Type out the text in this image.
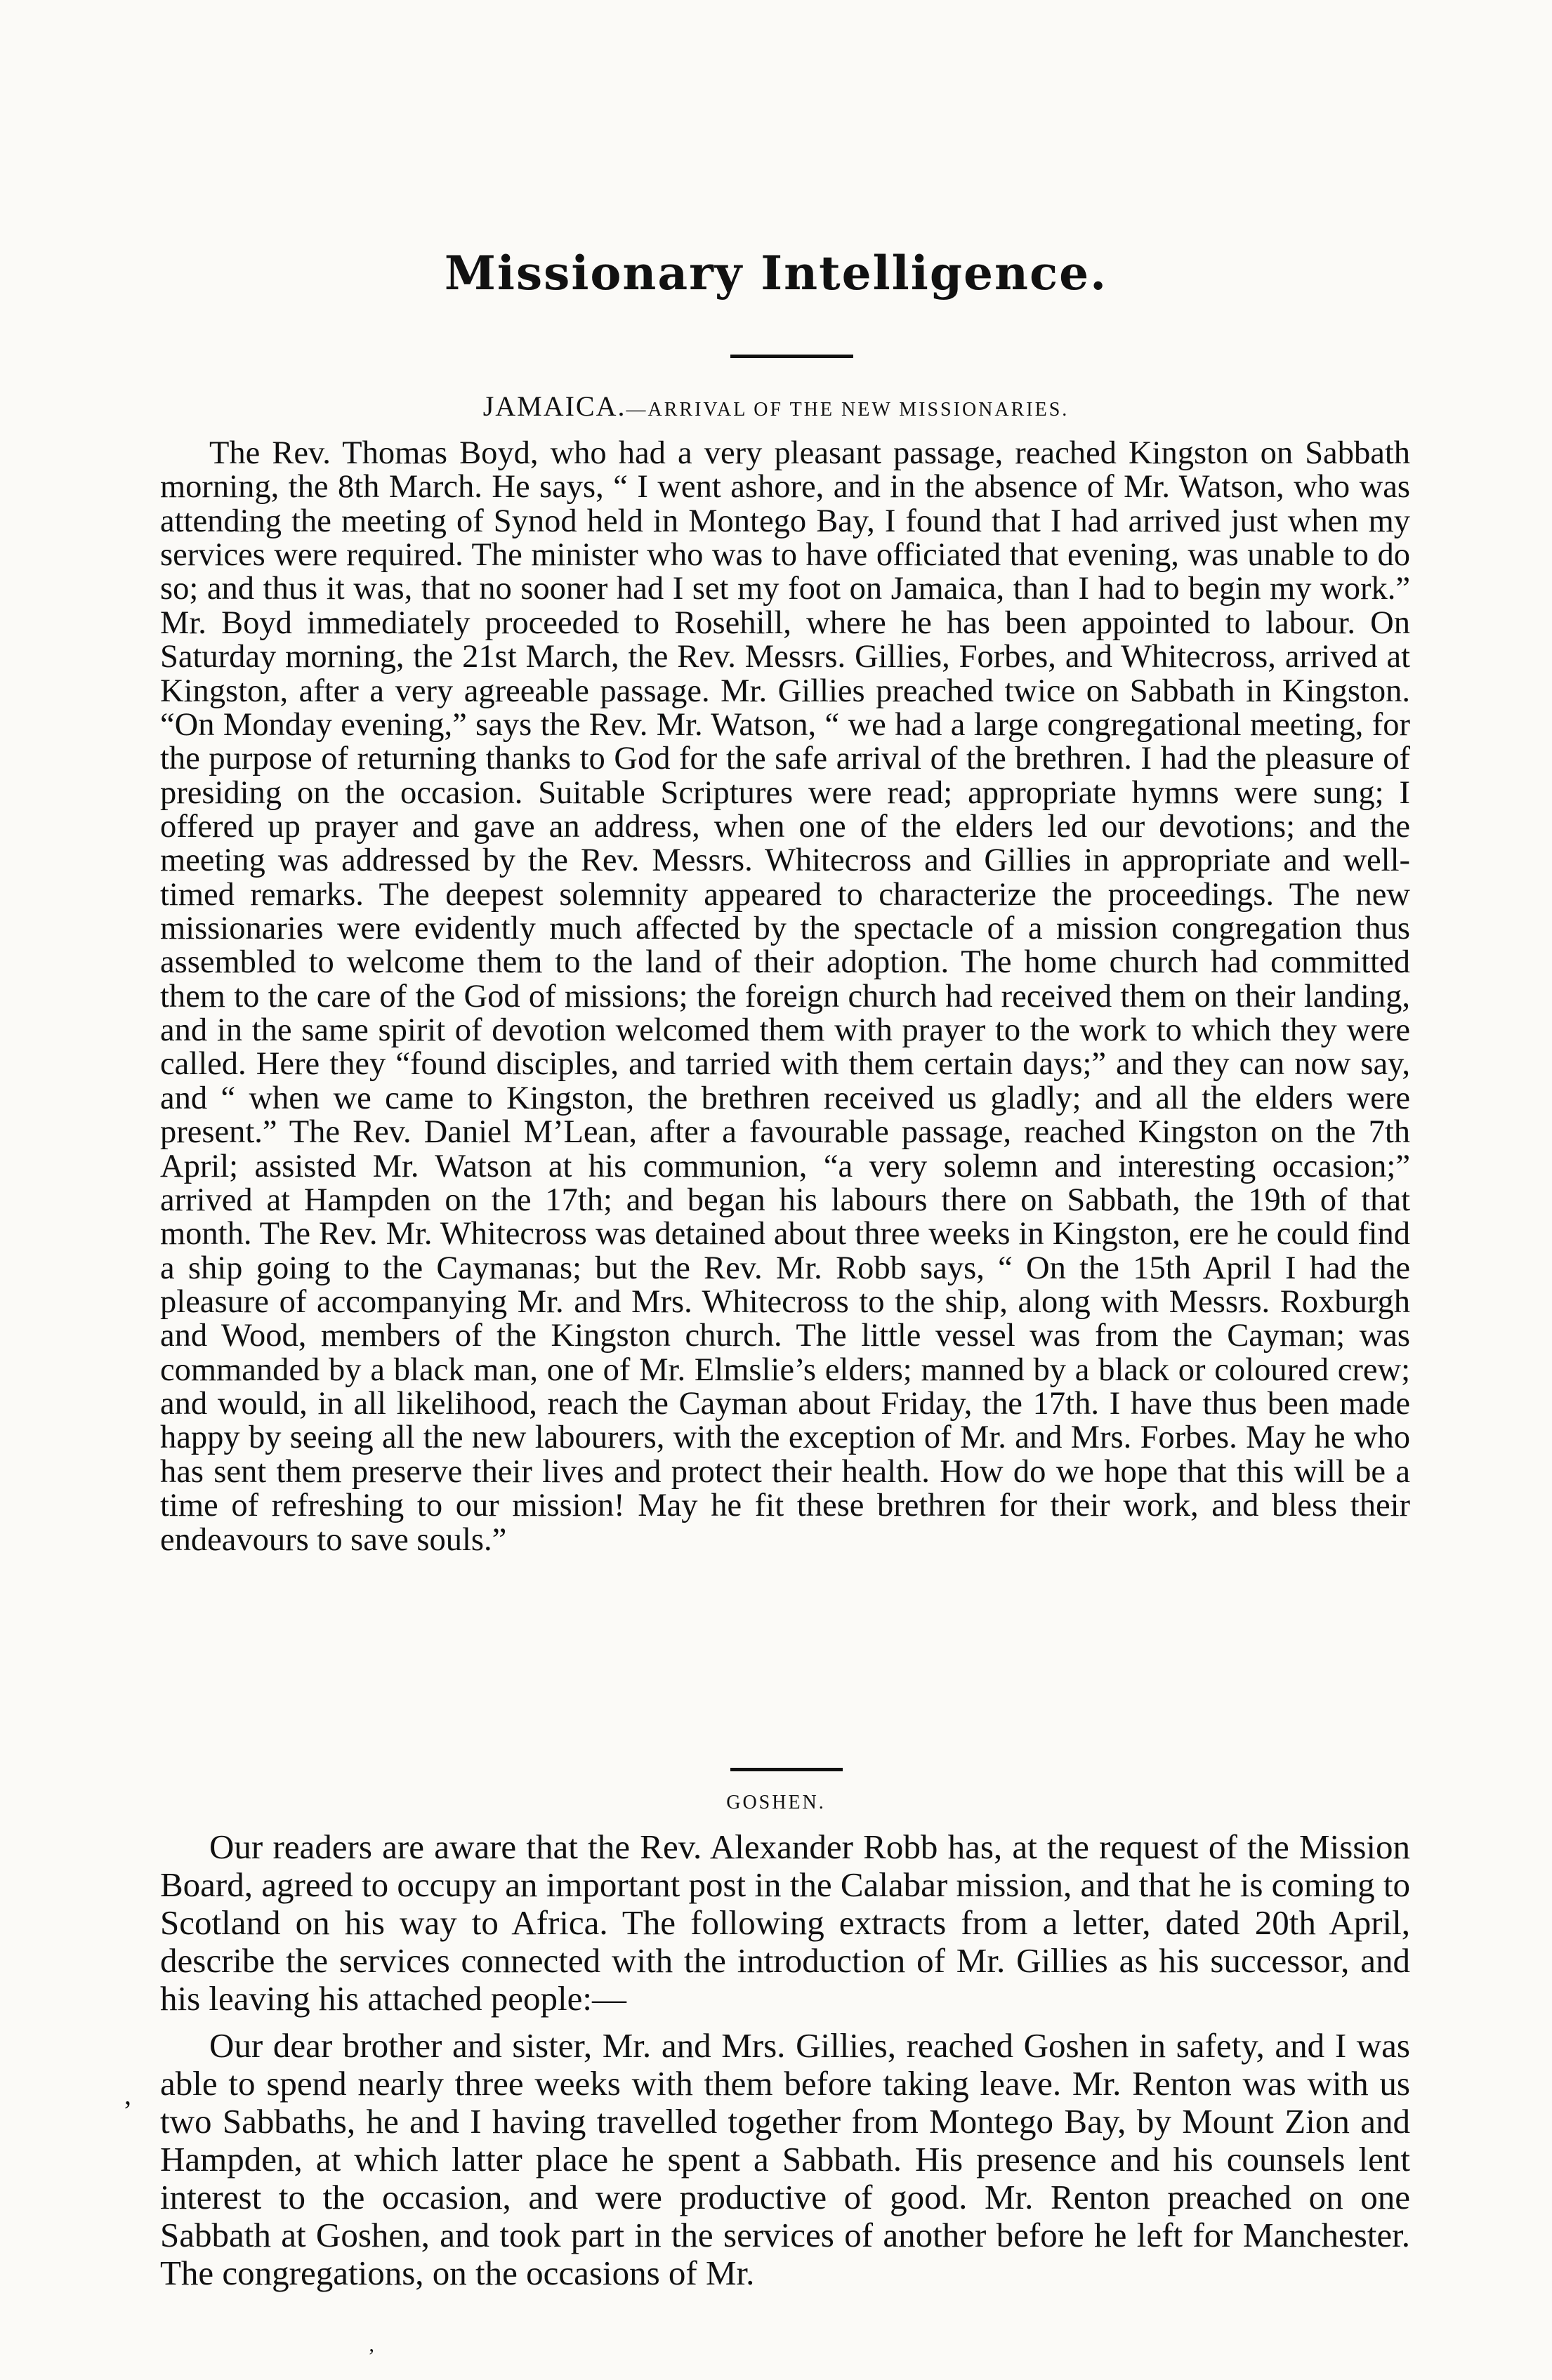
Missionary Intelligence.
JAMAICA.—ARRIVAL OF THE NEW MISSIONARIES.

The Rev. Thomas Boyd, who had a very pleasant passage, reached Kingston on Sabbath morning, the 8th March. He says, “ I went ashore, and in the absence of Mr. Watson, who was attending the meeting of Synod held in Montego Bay, I found that I had arrived just when my services were required. The minister who was to have officiated that evening, was unable to do so; and thus it was, that no sooner had I set my foot on Jamaica, than I had to begin my work.” Mr. Boyd immediately proceeded to Rosehill, where he has been appointed to labour. On Saturday morning, the 21st March, the Rev. Messrs. Gillies, Forbes, and Whitecross, arrived at Kingston, after a very agreeable passage. Mr. Gillies preached twice on Sabbath in Kingston. “On Monday evening,” says the Rev. Mr. Watson, “ we had a large congregational meeting, for the purpose of returning thanks to God for the safe arrival of the brethren. I had the pleasure of presiding on the occasion. Suitable Scriptures were read; appropriate hymns were sung; I offered up prayer and gave an address, when one of the elders led our devotions; and the meeting was addressed by the Rev. Messrs. Whitecross and Gillies in appropriate and well-timed remarks. The deepest solemnity appeared to characterize the proceedings. The new missionaries were evidently much affected by the spectacle of a mission congregation thus assembled to welcome them to the land of their adoption. The home church had committed them to the care of the God of missions; the foreign church had received them on their landing, and in the same spirit of devotion welcomed them with prayer to the work to which they were called. Here they “found disciples, and tarried with them certain days;” and they can now say, and “ when we came to Kingston, the brethren received us gladly; and all the elders were present.” The Rev. Daniel M’Lean, after a favourable passage, reached Kingston on the 7th April; assisted Mr. Watson at his communion, “a very solemn and interesting occasion;” arrived at Hampden on the 17th; and began his labours there on Sabbath, the 19th of that month. The Rev. Mr. Whitecross was detained about three weeks in Kingston, ere he could find a ship going to the Caymanas; but the Rev. Mr. Robb says, “ On the 15th April I had the pleasure of accompanying Mr. and Mrs. Whitecross to the ship, along with Messrs. Roxburgh and Wood, members of the Kingston church. The little vessel was from the Cayman; was commanded by a black man, one of Mr. Elmslie’s elders; manned by a black or coloured crew; and would, in all likelihood, reach the Cayman about Friday, the 17th. I have thus been made happy by seeing all the new labourers, with the exception of Mr. and Mrs. Forbes. May he who has sent them preserve their lives and protect their health. How do we hope that this will be a time of refreshing to our mission! May he fit these brethren for their work, and bless their endeavours to save souls.”

GOSHEN.

Our readers are aware that the Rev. Alexander Robb has, at the request of the Mission Board, agreed to occupy an important post in the Calabar mission, and that he is coming to Scotland on his way to Africa. The following extracts from a letter, dated 20th April, describe the services connected with the introduction of Mr. Gillies as his successor, and his leaving his attached people:—

Our dear brother and sister, Mr. and Mrs. Gillies, reached Goshen in safety, and I was able to spend nearly three weeks with them before taking leave. Mr. Renton was with us two Sabbaths, he and I having travelled together from Montego Bay, by Mount Zion and Hampden, at which latter place he spent a Sabbath. His presence and his counsels lent interest to the occasion, and were productive of good. Mr. Renton preached on one Sabbath at Goshen, and took part in the services of another before he left for Manchester. The congregations, on the occasions of Mr.

‚
‚
